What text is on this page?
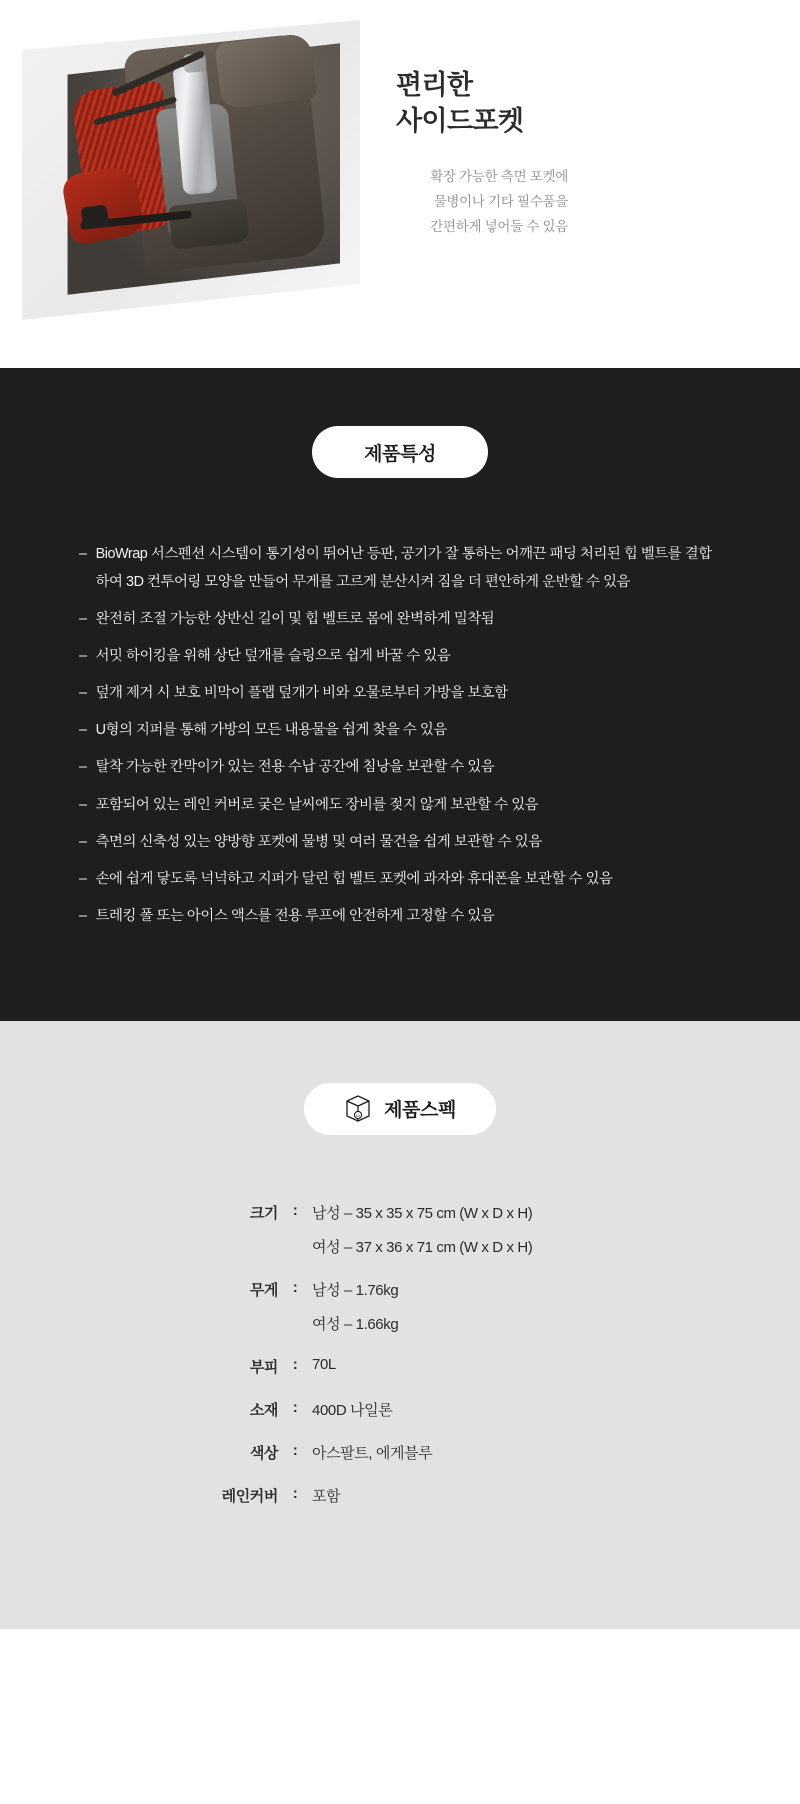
편리한
사이드포켓
확장 가능한 측면 포켓에
물병이나 기타 필수품을
간편하게 넣어둘 수 있음
제품특성
– BioWrap 서스펜션 시스템이 통기성이 뛰어난 등판, 공기가 잘 통하는 어깨끈 패딩 처리된 힙 벨트를 결합하여 3D 컨투어링 모양을 만들어 무게를 고르게 분산시켜 짐을 더 편안하게 운반할 수 있음
– 완전히 조절 가능한 상반신 길이 및 힙 벨트로 몸에 완벽하게 밀착됨
– 서밋 하이킹을 위해 상단 덮개를 슬링으로 쉽게 바꿀 수 있음
– 덮개 제거 시 보호 비막이 플랩 덮개가 비와 오물로부터 가방을 보호함
– U형의 지퍼를 통해 가방의 모든 내용물을 쉽게 찾을 수 있음
– 탈착 가능한 칸막이가 있는 전용 수납 공간에 침낭을 보관할 수 있음
– 포함되어 있는 레인 커버로 궂은 날씨에도 장비를 젖지 않게 보관할 수 있음
– 측면의 신축성 있는 양방향 포켓에 물병 및 여러 물건을 쉽게 보관할 수 있음
– 손에 쉽게 닿도록 넉넉하고 지퍼가 달린 힙 벨트 포켓에 과자와 휴대폰을 보관할 수 있음
– 트레킹 폴 또는 아이스 액스를 전용 루프에 안전하게 고정할 수 있음
ω 제품스펙
크기	:	남성 – 35 x 35 x 75 cm (W x D x H)
		여성 – 37 x 36 x 71 cm (W x D x H)
무게	:	남성 – 1.76kg
		여성 – 1.66kg
부피	:	70L
소재	:	400D 나일론
색상	:	아스팔트, 에게블루
레인커버	:	포함
